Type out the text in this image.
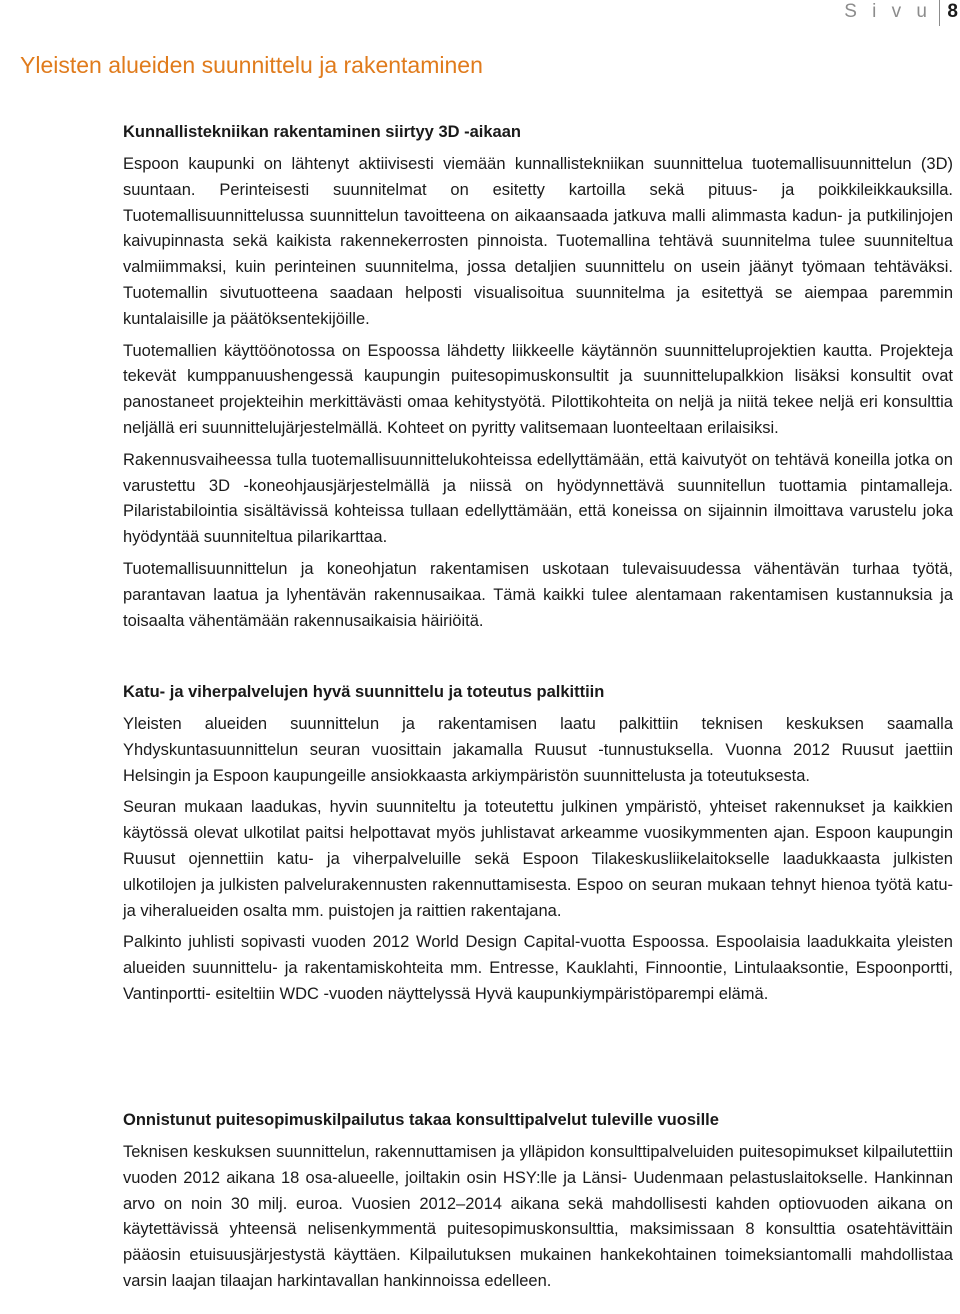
S i v u 8
Yleisten alueiden suunnittelu ja rakentaminen
Kunnallistekniikan rakentaminen siirtyy 3D -aikaan

Espoon kaupunki on lähtenyt aktiivisesti viemään kunnallistekniikan suunnittelua tuotemallisuunnittelun (3D) suuntaan. Perinteisesti suunnitelmat on esitetty kartoilla sekä pituus- ja poikkileikkauksilla. Tuotemallisuunnittelussa suunnittelun tavoitteena on aikaansaada jatkuva malli alimmasta kadun- ja putkilinjojen kaivupinnasta sekä kaikista rakennekerrosten pinnoista. Tuotemallina tehtävä suunnitelma tulee suunniteltua valmiimmaksi, kuin perinteinen suunnitelma, jossa detaljien suunnittelu on usein jäänyt työmaan tehtäväksi. Tuotemallin sivutuotteena saadaan helposti visualisoitua suunnitelma ja esitettyä se aiempaa paremmin kuntalaisille ja päätöksentekijöille.

Tuotemallien käyttöönotossa on Espoossa lähdetty liikkeelle käytännön suunnitteluprojektien kautta. Projekteja tekevät kumppanuushengessä kaupungin puitesopimuskonsultit ja suunnittelupalkkion lisäksi konsultit ovat panostaneet projekteihin merkittävästi omaa kehitystyötä. Pilottikohteita on neljä ja niitä tekee neljä eri konsulttia neljällä eri suunnittelujärjestelmällä. Kohteet on pyritty valitsemaan luonteeltaan erilaisiksi.

Rakennusvaiheessa tulla tuotemallisuunnittelukohteissa edellyttämään, että kaivutyöt on tehtävä koneilla jotka on varustettu 3D -koneohjausjärjestelmällä ja niissä on hyödynnettävä suunnitellun tuottamia pintamalleja. Pilaristabilointia sisältävissä kohteissa tullaan edellyttämään, että koneissa on sijainnin ilmoittava varustelu joka hyödyntää suunniteltua pilarikarttaa.

Tuotemallisuunnittelun ja koneohjatun rakentamisen uskotaan tulevaisuudessa vähentävän turhaa työtä, parantavan laatua ja lyhentävän rakennusaikaa. Tämä kaikki tulee alentamaan rakentamisen kustannuksia ja toisaalta vähentämään rakennusaikaisia häiriöitä.

Katu- ja viherpalvelujen hyvä suunnittelu ja toteutus palkittiin

Yleisten alueiden suunnittelun ja rakentamisen laatu palkittiin teknisen keskuksen saamalla Yhdyskuntasuunnittelun seuran vuosittain jakamalla Ruusut -tunnustuksella. Vuonna 2012 Ruusut jaettiin Helsingin ja Espoon kaupungeille ansiokkaasta arkiympäristön suunnittelusta ja toteutuksesta.

Seuran mukaan laadukas, hyvin suunniteltu ja toteutettu julkinen ympäristö, yhteiset rakennukset ja kaikkien käytössä olevat ulkotilat paitsi helpottavat myös juhlistavat arkeamme vuosikymmenten ajan. Espoon kaupungin Ruusut ojennettiin katu- ja viherpalveluille sekä Espoon Tilakeskusliikelaitokselle laadukkaasta julkisten ulkotilojen ja julkisten palvelurakennusten rakennuttamisesta. Espoo on seuran mukaan tehnyt hienoa työtä katu- ja viheralueiden osalta mm. puistojen ja raittien rakentajana.

Palkinto juhlisti sopivasti vuoden 2012 World Design Capital-vuotta Espoossa. Espoolaisia laadukkaita yleisten alueiden suunnittelu- ja rakentamiskohteita mm. Entresse, Kauklahti, Finnoontie, Lintulaaksontie, Espoonportti, Vantinportti- esiteltiin WDC -vuoden näyttelyssä Hyvä kaupunkiympäristöparempi elämä.

Onnistunut puitesopimuskilpailutus takaa konsulttipalvelut tuleville vuosille

Teknisen keskuksen suunnittelun, rakennuttamisen ja ylläpidon konsulttipalveluiden puitesopimukset kilpailutettiin vuoden 2012 aikana 18 osa-alueelle, joiltakin osin HSY:lle ja Länsi- Uudenmaan pelastuslaitokselle. Hankinnan arvo on noin 30 milj. euroa. Vuosien 2012–2014 aikana sekä mahdollisesti kahden optiovuoden aikana on käytettävissä yhteensä nelisenkymmentä puitesopimuskonsulttia, maksimissaan 8 konsulttia osatehtävittäin pääosin etuisuusjärjestystä käyttäen. Kilpailutuksen mukainen hankekohtainen toimeksiantomalli mahdollistaa varsin laajan tilaajan harkintavallan hankinnoissa edelleen.
